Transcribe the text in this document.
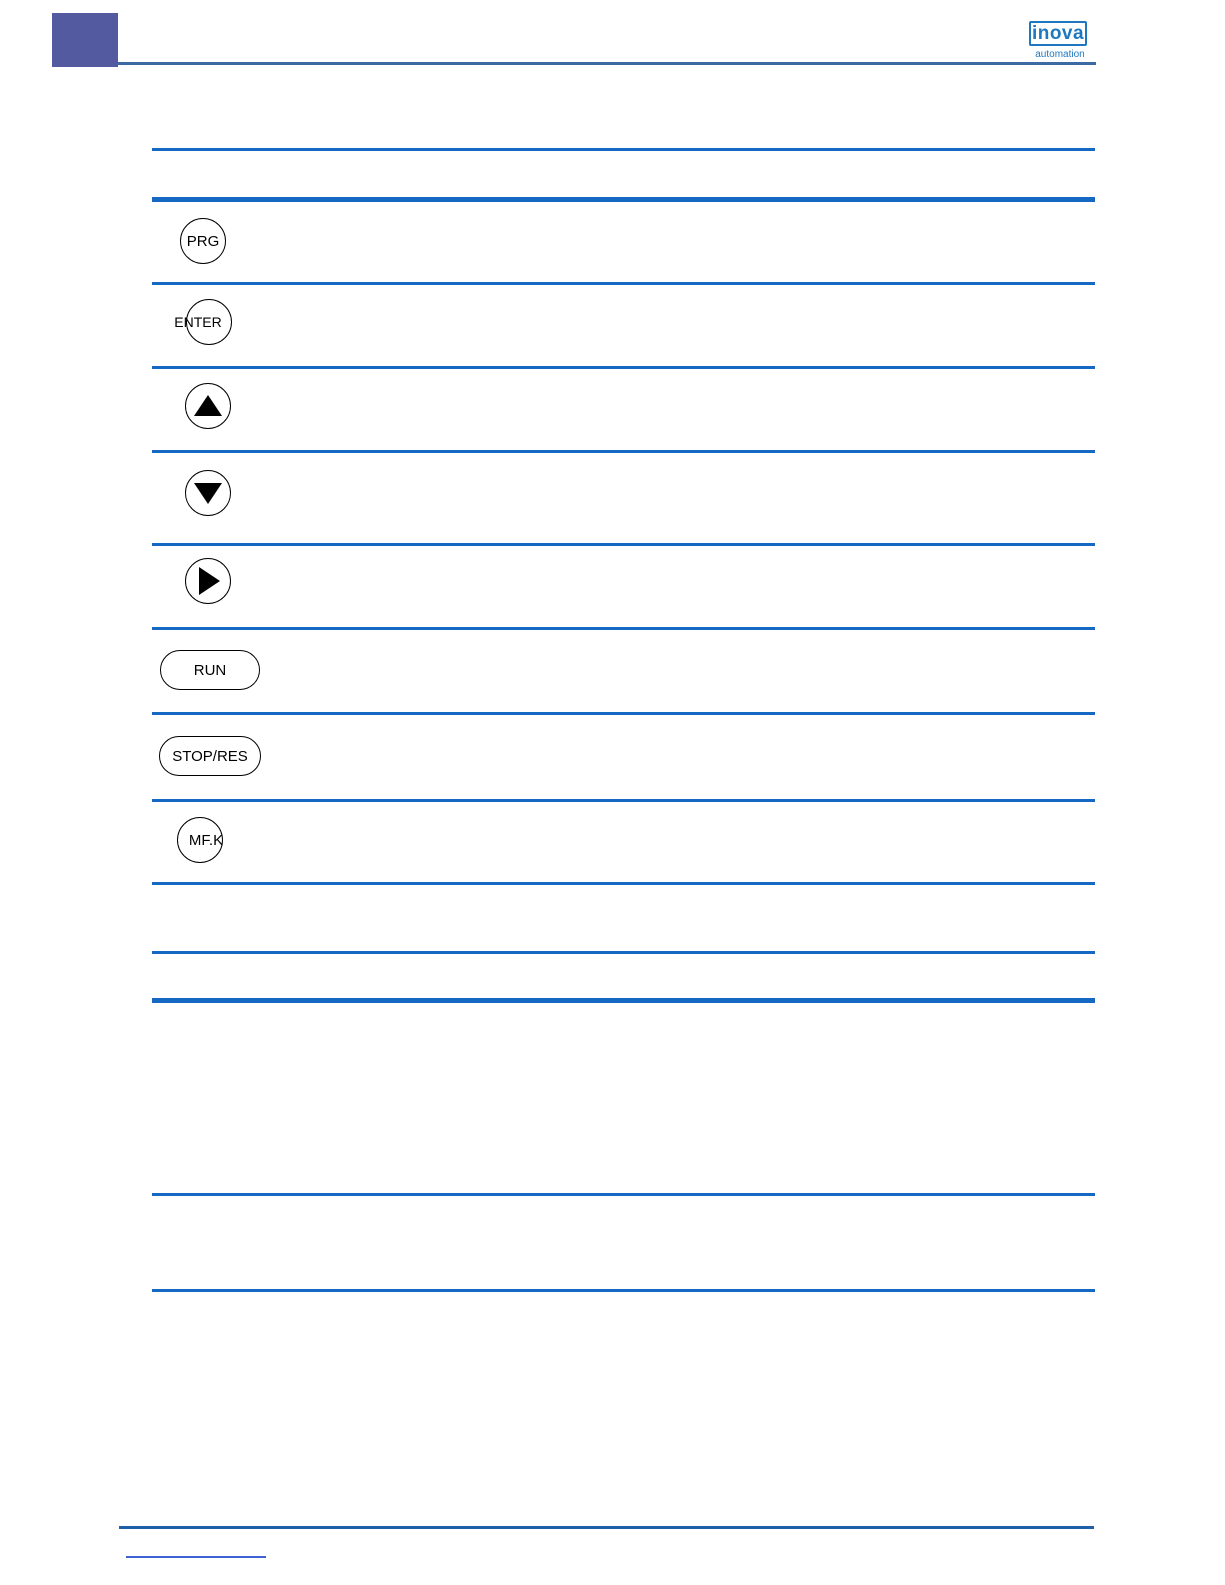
inova
automation
PRG
ENTER
RUN
STOP/RES
MF.K
